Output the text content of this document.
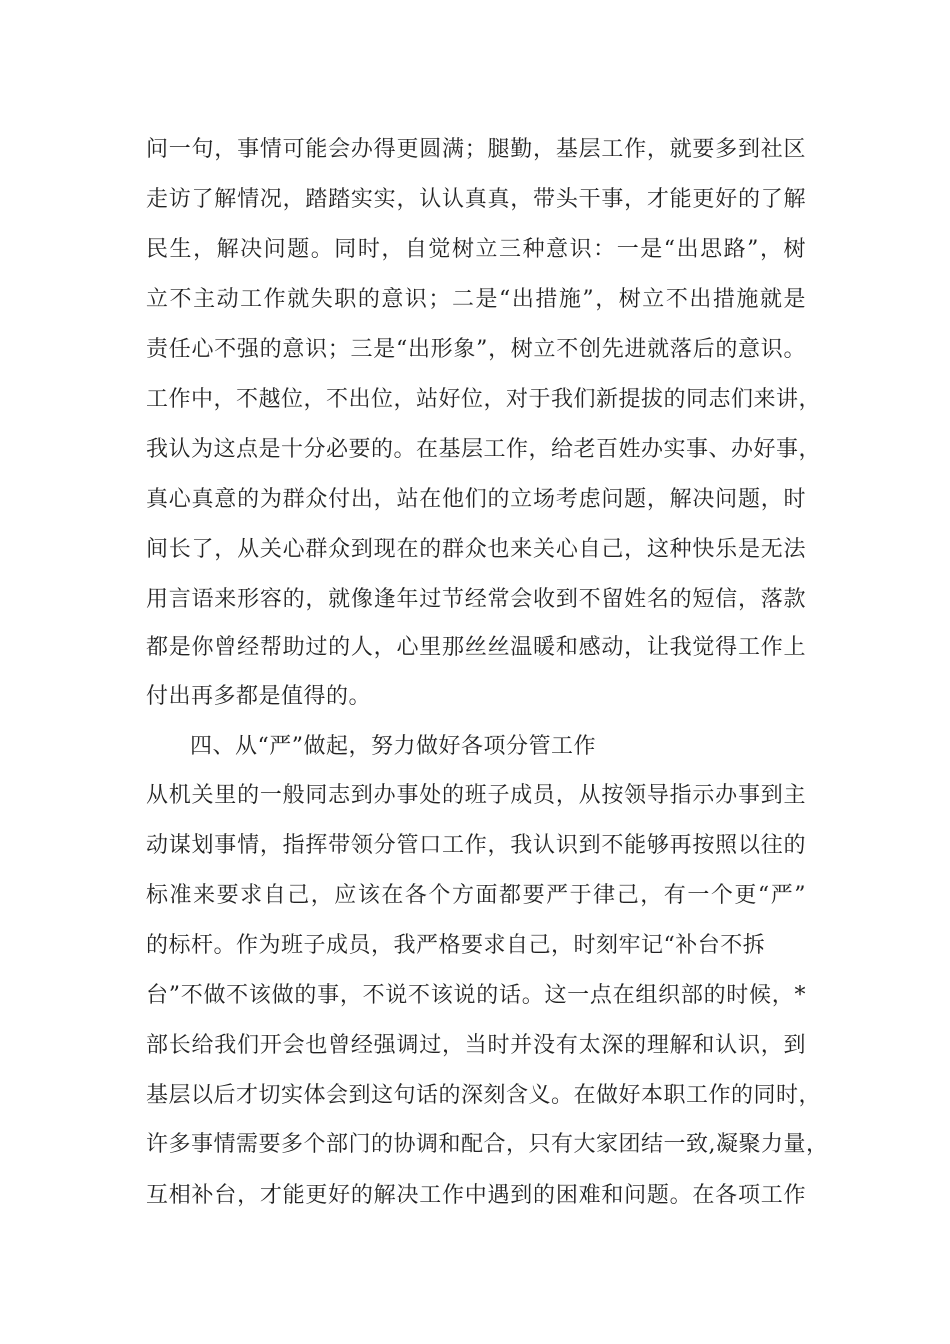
问一句，事情可能会办得更圆满；腿勤，基层工作，就要多到社区
走访了解情况，踏踏实实，认认真真，带头干事，才能更好的了解
民生，解决问题。同时，自觉树立三种意识：一是“出思路”，树
立不主动工作就失职的意识；二是“出措施”，树立不出措施就是
责任心不强的意识；三是“出形象”，树立不创先进就落后的意识。
工作中，不越位，不出位，站好位，对于我们新提拔的同志们来讲，
我认为这点是十分必要的。在基层工作，给老百姓办实事、办好事，
真心真意的为群众付出，站在他们的立场考虑问题，解决问题，时
间长了，从关心群众到现在的群众也来关心自己，这种快乐是无法
用言语来形容的，就像逢年过节经常会收到不留姓名的短信，落款
都是你曾经帮助过的人，心里那丝丝温暖和感动，让我觉得工作上
付出再多都是值得的。
四、从“严”做起，努力做好各项分管工作
从机关里的一般同志到办事处的班子成员，从按领导指示办事到主
动谋划事情，指挥带领分管口工作，我认识到不能够再按照以往的
标准来要求自己，应该在各个方面都要严于律己，有一个更“严”
的标杆。作为班子成员，我严格要求自己，时刻牢记“补台不拆
台”不做不该做的事，不说不该说的话。这一点在组织部的时候，*
部长给我们开会也曾经强调过，当时并没有太深的理解和认识，到
基层以后才切实体会到这句话的深刻含义。在做好本职工作的同时，
许多事情需要多个部门的协调和配合，只有大家团结一致,凝聚力量，
互相补台，才能更好的解决工作中遇到的困难和问题。在各项工作
